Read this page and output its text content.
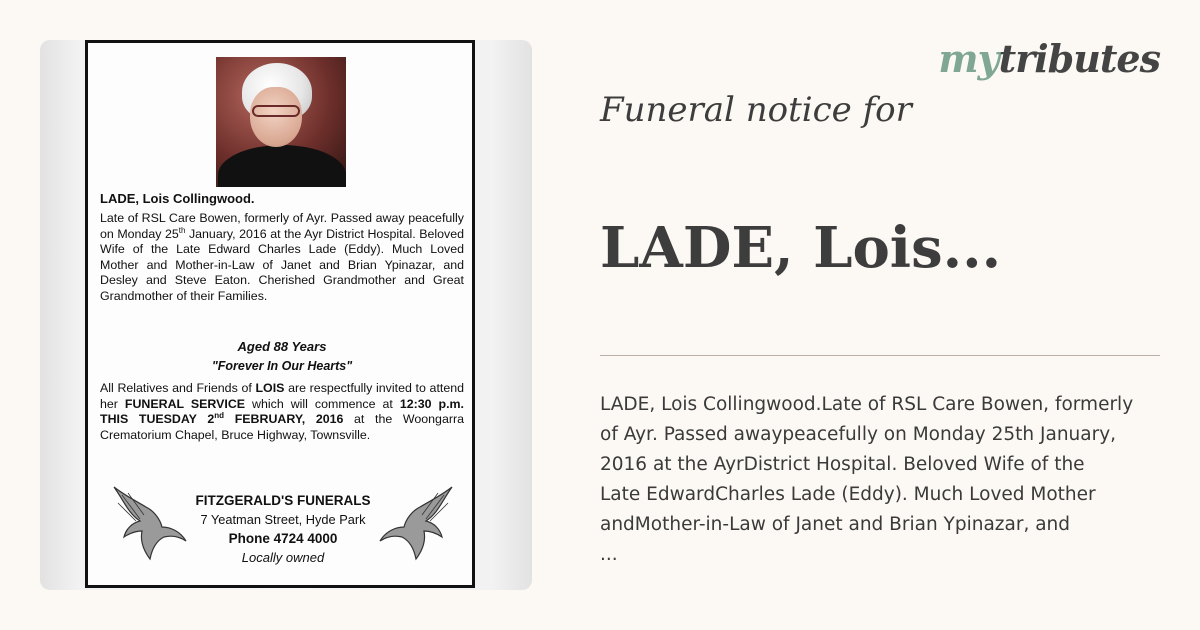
LADE, Lois Collingwood.
Late of RSL Care Bowen, formerly of Ayr. Passed away peacefully on Monday 25th January, 2016 at the Ayr District Hospital. Beloved Wife of the Late Edward Charles Lade (Eddy). Much Loved Mother and Mother-in-Law of Janet and Brian Ypinazar, and Desley and Steve Eaton. Cherished Grandmother and Great Grandmother of their Families.
Aged 88 Years
"Forever In Our Hearts"
All Relatives and Friends of LOIS are respectfully invited to attend her FUNERAL SERVICE which will commence at 12:30 p.m. THIS TUESDAY 2nd FEBRUARY, 2016 at the Woongarra Crematorium Chapel, Bruce Highway, Townsville.
FITZGERALD'S FUNERALS
7 Yeatman Street, Hyde Park
Phone 4724 4000
Locally owned
mytributes
Funeral notice for
LADE, Lois...
LADE, Lois Collingwood.Late of RSL Care Bowen, formerly
of Ayr. Passed awaypeacefully on Monday 25th January,
2016 at the AyrDistrict Hospital. Beloved Wife of the
Late EdwardCharles Lade (Eddy). Much Loved Mother
andMother-in-Law of Janet and Brian Ypinazar, and
...
